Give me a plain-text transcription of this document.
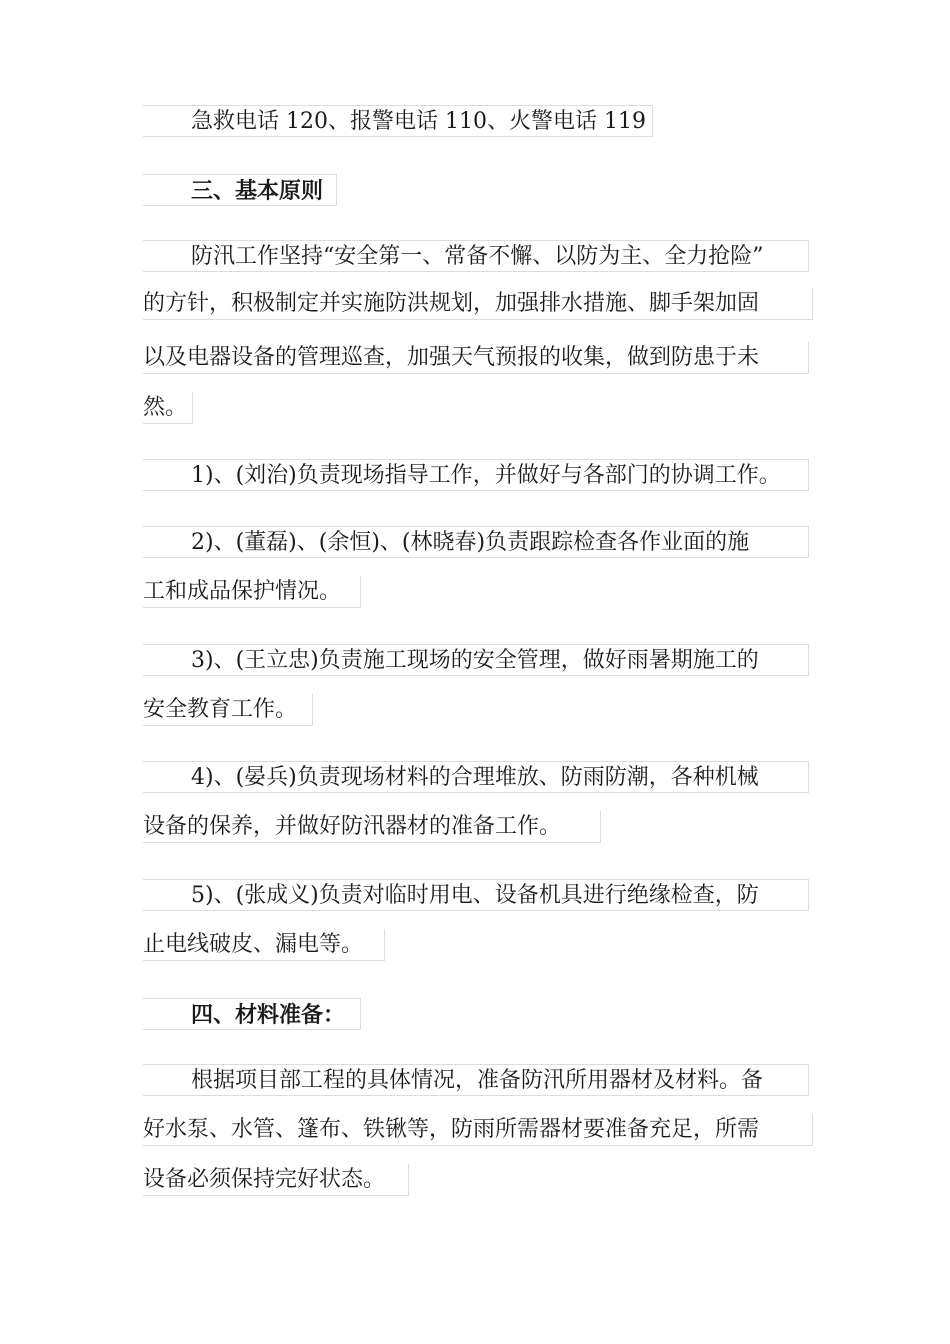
急救电话 120、报警电话 110、火警电话 119
三、基本原则
防汛工作坚持“安全第一、常备不懈、以防为主、全力抢险”
的方针，积极制定并实施防洪规划，加强排水措施、脚手架加固
以及电器设备的管理巡查，加强天气预报的收集，做到防患于未
然。
1)、(刘治)负责现场指导工作，并做好与各部门的协调工作。
2)、(董磊)、(余恒)、(林晓春)负责跟踪检查各作业面的施
工和成品保护情况。
3)、(王立忠)负责施工现场的安全管理，做好雨暑期施工的
安全教育工作。
4)、(晏兵)负责现场材料的合理堆放、防雨防潮，各种机械
设备的保养，并做好防汛器材的准备工作。
5)、(张成义)负责对临时用电、设备机具进行绝缘检查，防
止电线破皮、漏电等。
四、材料准备：
根据项目部工程的具体情况，准备防汛所用器材及材料。备
好水泵、水管、篷布、铁锹等，防雨所需器材要准备充足，所需
设备必须保持完好状态。
